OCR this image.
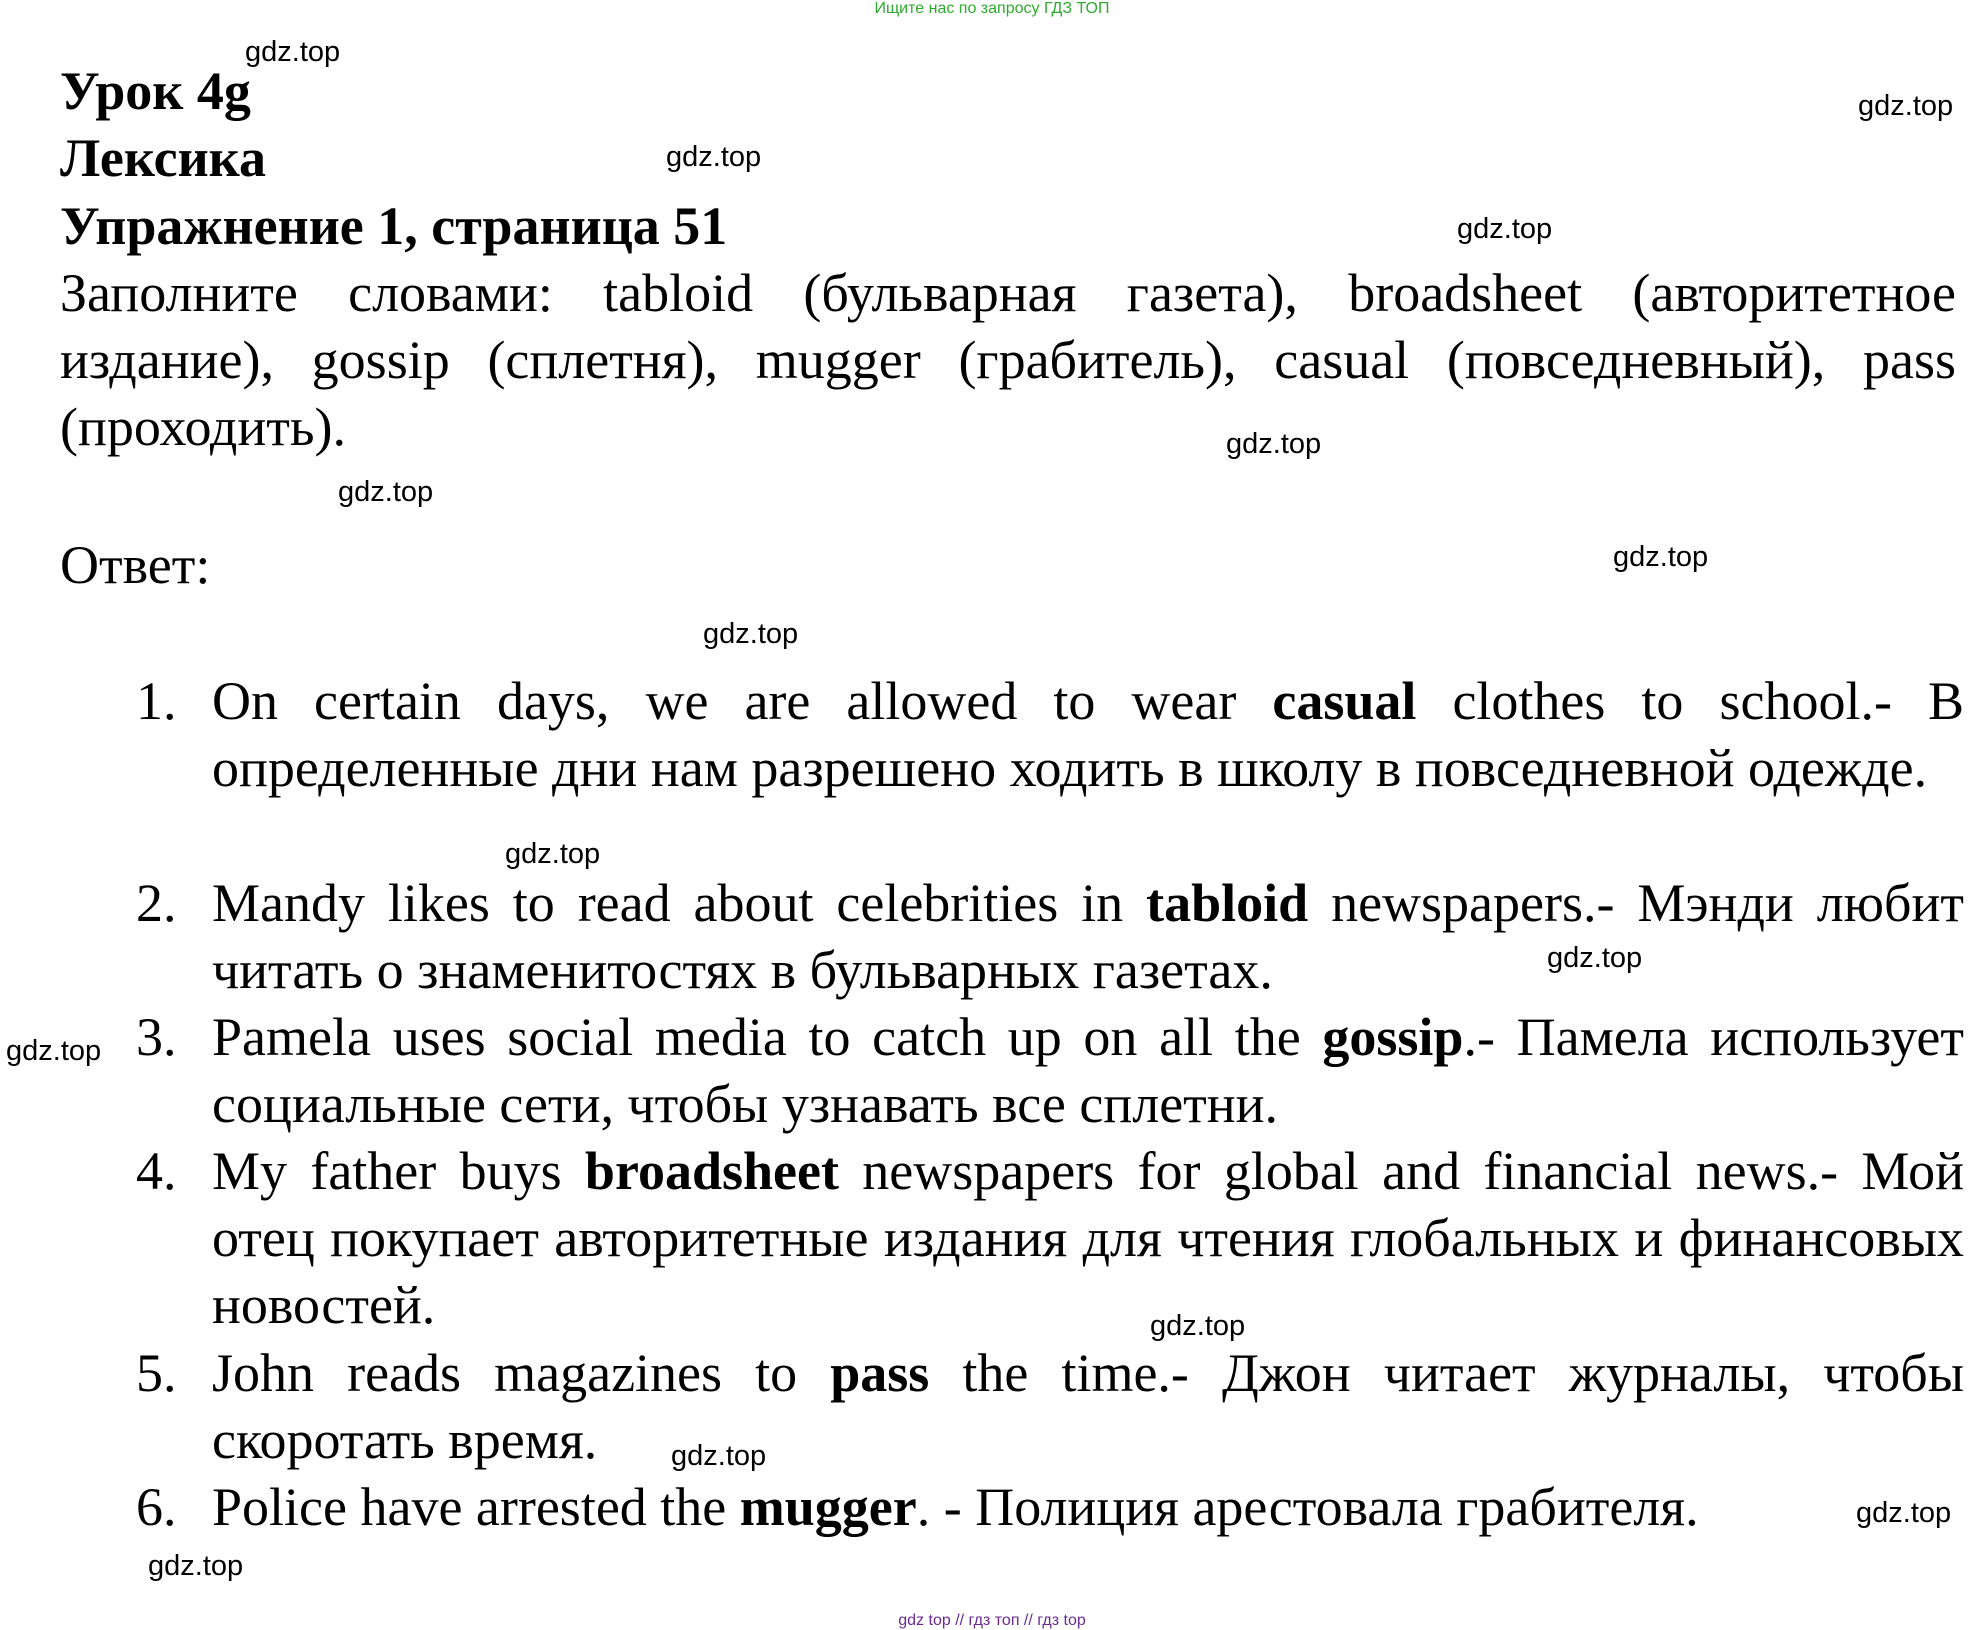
Ищите нас по запросу ГДЗ ТОП
Урок 4g
Лексика
Упражнение 1, страница 51

Заполните словами: tabloid (бульварная газета), broadsheet (авторитетное издание), gossip (сплетня), mugger (грабитель), casual (повседневный), pass (проходить).

Ответ:

1. On certain days, we are allowed to wear casual clothes to school.- В определенные дни нам разрешено ходить в школу в повседневной одежде.
2. Mandy likes to read about celebrities in tabloid newspapers.- Мэнди любит читать о знаменитостях в бульварных газетах.
3. Pamela uses social media to catch up on all the gossip.- Памела использует социальные сети, чтобы узнавать все сплетни.
4. My father buys broadsheet newspapers for global and financial news.- Мой отец покупает авторитетные издания для чтения глобальных и финансовых новостей.
5. John reads magazines to pass the time.- Джон читает журналы, чтобы скоротать время.
6. Police have arrested the mugger. - Полиция арестовала грабителя.
gdz.top
gdz.top
gdz.top
gdz.top
gdz.top
gdz.top
gdz.top
gdz.top
gdz.top
gdz.top
gdz.top
gdz.top
gdz.top
gdz.top
gdz.top
gdz top // гдз топ // гдз top
